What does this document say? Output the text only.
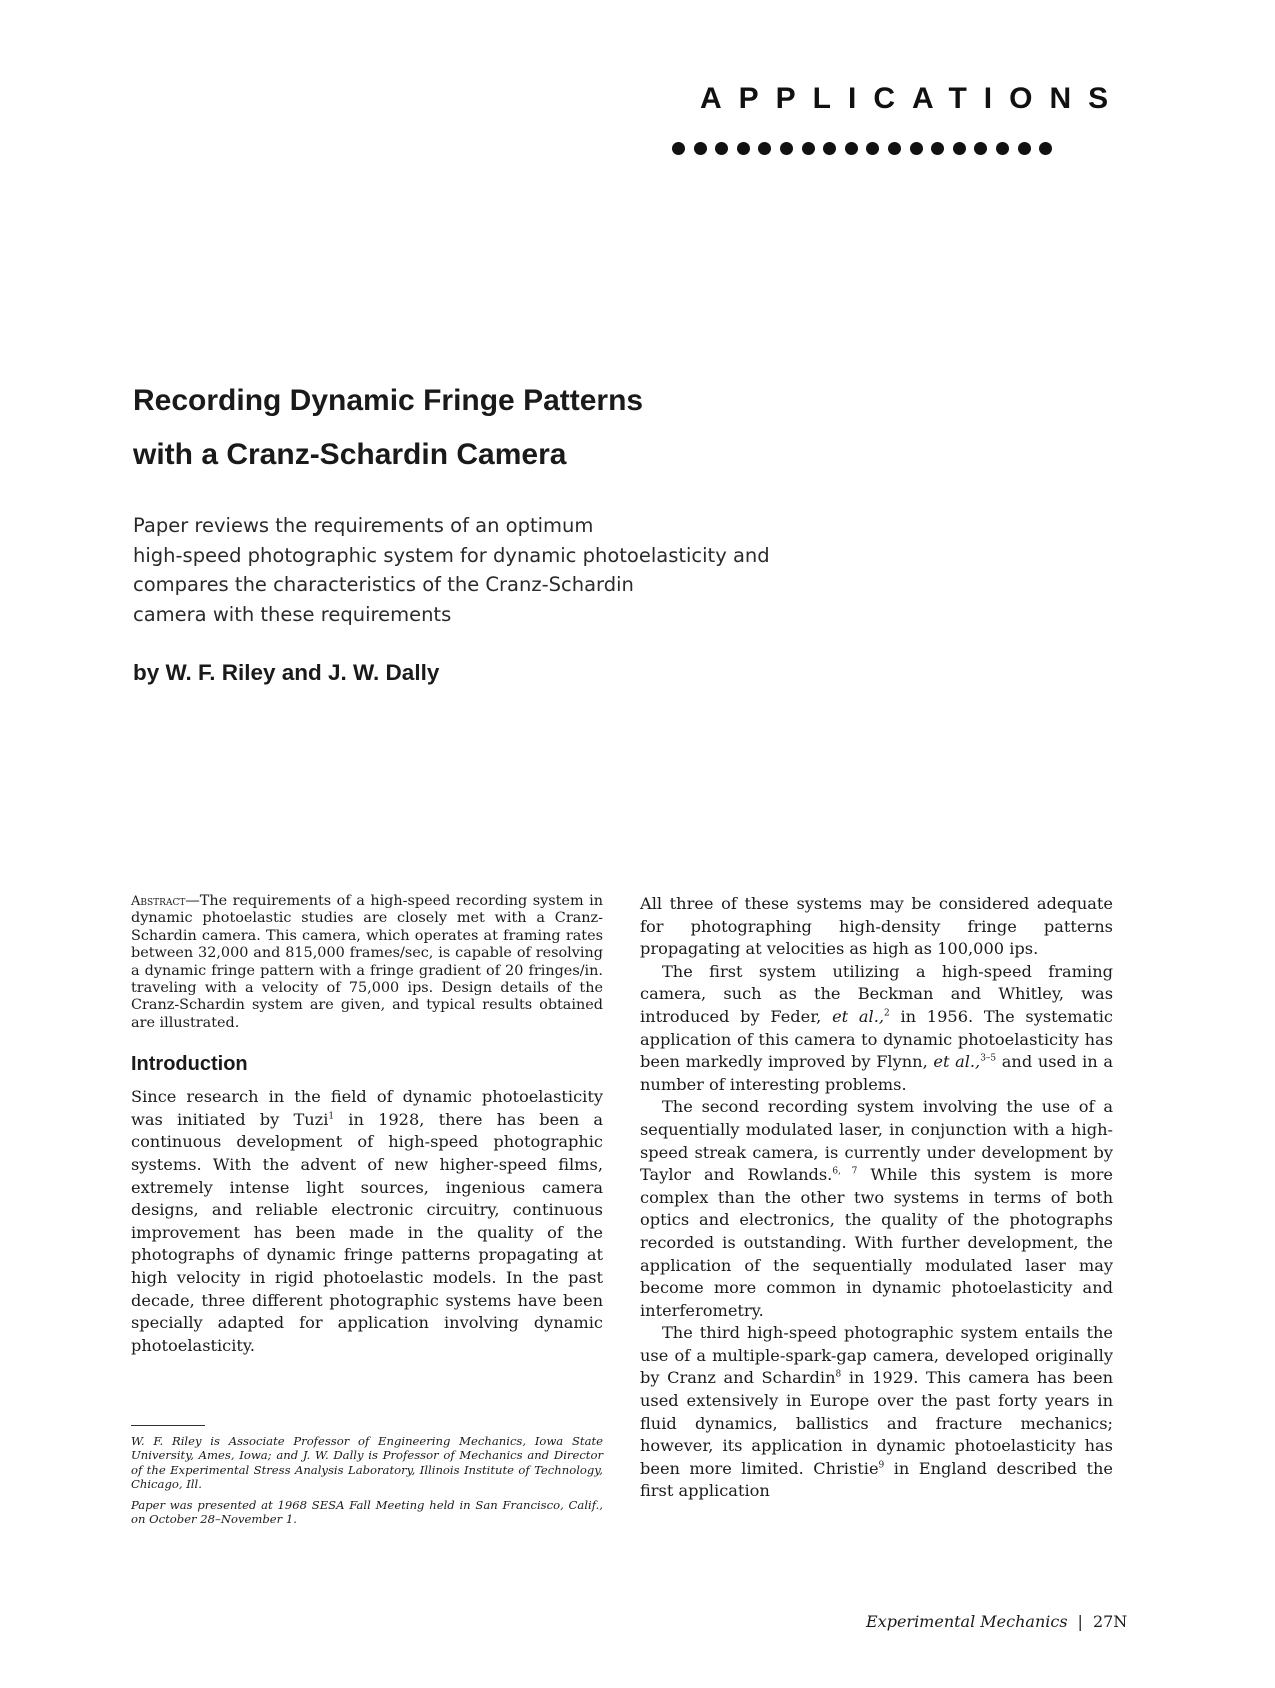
APPLICATIONS
Recording Dynamic Fringe Patterns
with a Cranz-Schardin Camera

Paper reviews the requirements of an optimum
high-speed photographic system for dynamic photoelasticity and
compares the characteristics of the Cranz-Schardin
camera with these requirements

by W. F. Riley and J. W. Dally

Abstract—The requirements of a high-speed recording system in dynamic photoelastic studies are closely met with a Cranz-Schardin camera. This camera, which operates at framing rates between 32,000 and 815,000 frames/sec, is capable of resolving a dynamic fringe pattern with a fringe gradient of 20 fringes/in. traveling with a velocity of 75,000 ips. Design details of the Cranz-Schardin system are given, and typical results obtained are illustrated.

Introduction

Since research in the field of dynamic photoelasticity was initiated by Tuzi$^1$ in 1928, there has been a continuous development of high-speed photographic systems. With the advent of new higher-speed films, extremely intense light sources, ingenious camera designs, and reliable electronic circuitry, continuous improvement has been made in the quality of the photographs of dynamic fringe patterns propagating at high velocity in rigid photoelastic models. In the past decade, three different photographic systems have been specially adapted for application involving dynamic photoelasticity.

W. F. Riley is Associate Professor of Engineering Mechanics, Iowa State University, Ames, Iowa; and J. W. Dally is Professor of Mechanics and Director of the Experimental Stress Analysis Laboratory, Illinois Institute of Technology, Chicago, Ill.

Paper was presented at 1968 SESA Fall Meeting held in San Francisco, Calif., on October 28–November 1.

All three of these systems may be considered adequate for photographing high-density fringe patterns propagating at velocities as high as 100,000 ips.

The first system utilizing a high-speed framing camera, such as the Beckman and Whitley, was introduced by Feder, et al.,$^2$ in 1956. The systematic application of this camera to dynamic photoelasticity has been markedly improved by Flynn, et al.,$^{3-5}$ and used in a number of interesting problems.

The second recording system involving the use of a sequentially modulated laser, in conjunction with a high-speed streak camera, is currently under development by Taylor and Rowlands.$^{6, 7}$ While this system is more complex than the other two systems in terms of both optics and electronics, the quality of the photographs recorded is outstanding. With further development, the application of the sequentially modulated laser may become more common in dynamic photoelasticity and interferometry.

The third high-speed photographic system entails the use of a multiple-spark-gap camera, developed originally by Cranz and Schardin$^8$ in 1929. This camera has been used extensively in Europe over the past forty years in fluid dynamics, ballistics and fracture mechanics; however, its application in dynamic photoelasticity has been more limited. Christie$^9$ in England described the first application

Experimental Mechanics | 27N
